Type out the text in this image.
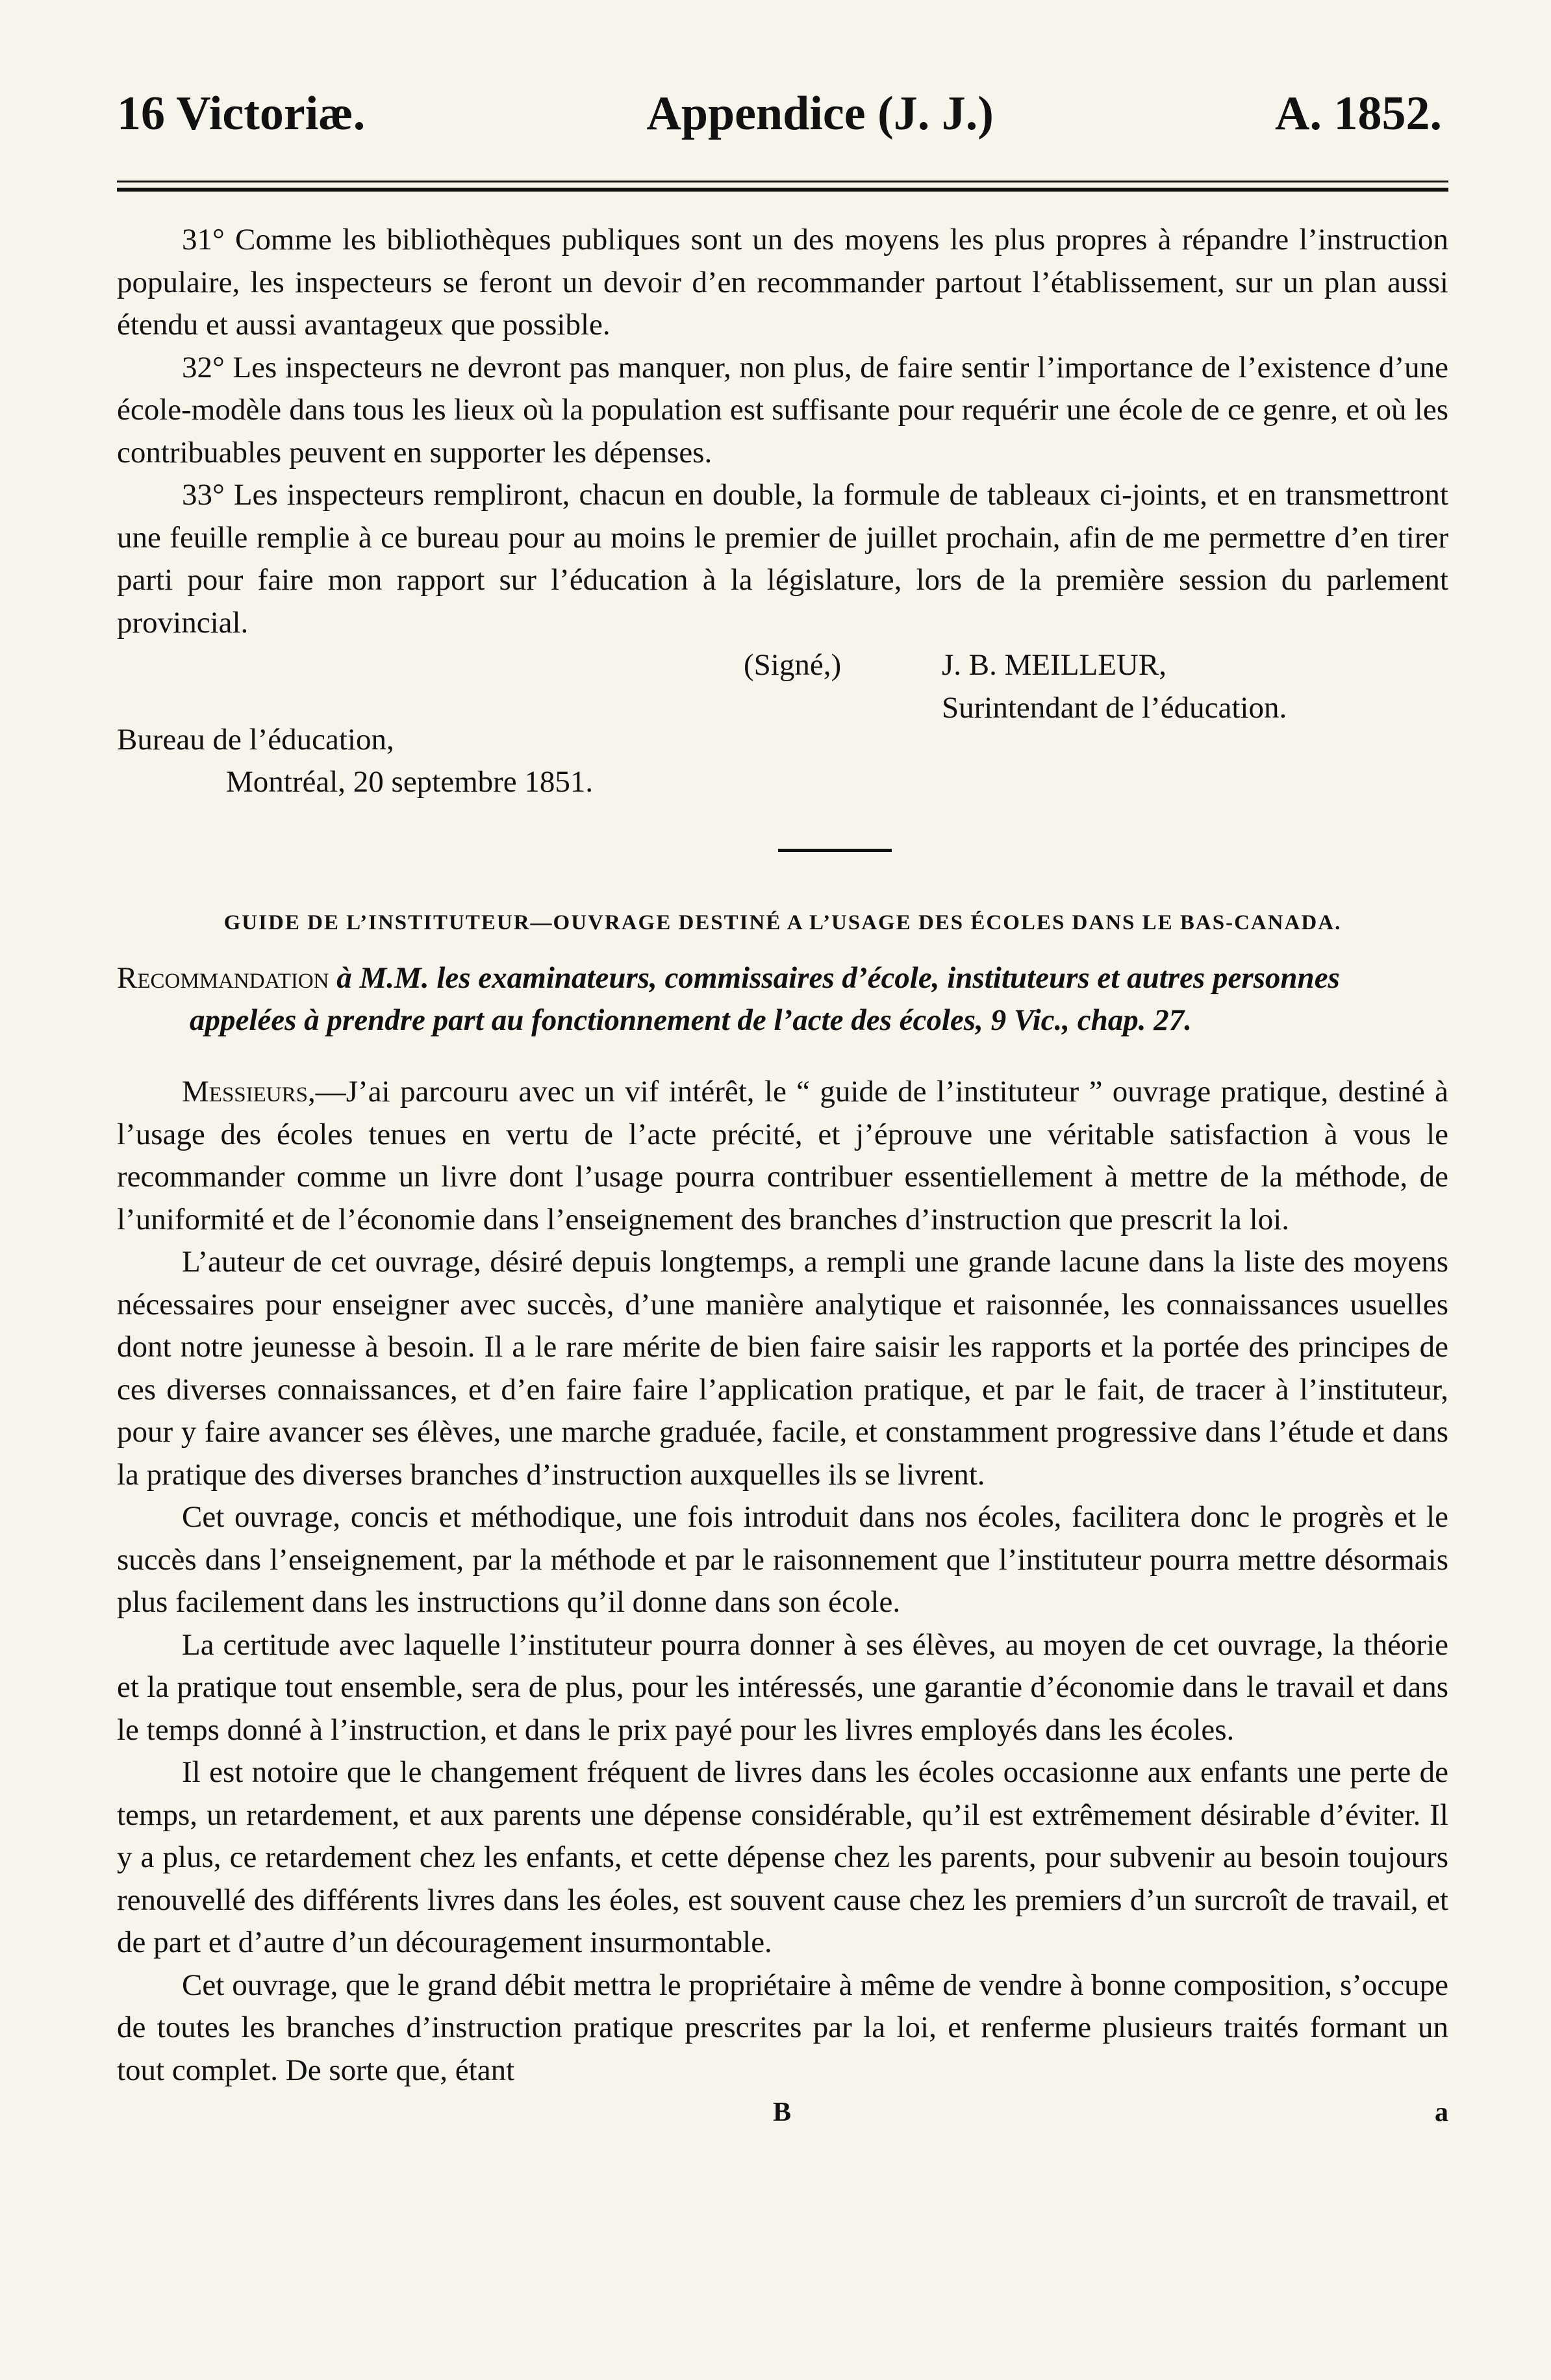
16 Victoriæ.	Appendice (J. J.)	A. 1852.

31° Comme les bibliothèques publiques sont un des moyens les plus propres à répandre l’instruction populaire, les inspecteurs se feront un devoir d’en recommander partout l’établissement, sur un plan aussi étendu et aussi avantageux que possible.

32° Les inspecteurs ne devront pas manquer, non plus, de faire sentir l’importance de l’existence d’une école-modèle dans tous les lieux où la population est suffisante pour requérir une école de ce genre, et où les contribuables peuvent en supporter les dépenses.

33° Les inspecteurs rempliront, chacun en double, la formule de tableaux ci-joints, et en transmettront une feuille remplie à ce bureau pour au moins le premier de juillet prochain, afin de me permettre d’en tirer parti pour faire mon rapport sur l’éducation à la législature, lors de la première session du parlement provincial.

(Signé,)	J. B. MEILLEUR,
Surintendant de l’éducation.
Bureau de l’éducation,
Montréal, 20 septembre 1851.
GUIDE DE L’INSTITUTEUR—OUVRAGE DESTINÉ A L’USAGE DES ÉCOLES DANS LE BAS-CANADA.
Recommandation à M.M. les examinateurs, commissaires d’école, instituteurs et autres personnes appelées à prendre part au fonctionnement de l’acte des écoles, 9 Vic., chap. 27.

Messieurs,—J’ai parcouru avec un vif intérêt, le “ guide de l’instituteur ” ouvrage pratique, destiné à l’usage des écoles tenues en vertu de l’acte précité, et j’éprouve une véritable satisfaction à vous le recommander comme un livre dont l’usage pourra contribuer essentiellement à mettre de la méthode, de l’uniformité et de l’économie dans l’enseignement des branches d’instruction que prescrit la loi.

L’auteur de cet ouvrage, désiré depuis longtemps, a rempli une grande lacune dans la liste des moyens nécessaires pour enseigner avec succès, d’une manière analytique et raisonnée, les connaissances usuelles dont notre jeunesse à besoin. Il a le rare mérite de bien faire saisir les rapports et la portée des principes de ces diverses connaissances, et d’en faire faire l’application pratique, et par le fait, de tracer à l’instituteur, pour y faire avancer ses élèves, une marche graduée, facile, et constamment progressive dans l’étude et dans la pratique des diverses branches d’instruction auxquelles ils se livrent.

Cet ouvrage, concis et méthodique, une fois introduit dans nos écoles, facilitera donc le progrès et le succès dans l’enseignement, par la méthode et par le raisonnement que l’instituteur pourra mettre désormais plus facilement dans les instructions qu’il donne dans son école.

La certitude avec laquelle l’instituteur pourra donner à ses élèves, au moyen de cet ouvrage, la théorie et la pratique tout ensemble, sera de plus, pour les intéressés, une garantie d’économie dans le travail et dans le temps donné à l’instruction, et dans le prix payé pour les livres employés dans les écoles.

Il est notoire que le changement fréquent de livres dans les écoles occasionne aux enfants une perte de temps, un retardement, et aux parents une dépense considérable, qu’il est extrêmement désirable d’éviter. Il y a plus, ce retardement chez les enfants, et cette dépense chez les parents, pour subvenir au besoin toujours renouvellé des différents livres dans les éoles, est souvent cause chez les premiers d’un surcroît de travail, et de part et d’autre d’un découragement insurmontable.

Cet ouvrage, que le grand débit mettra le propriétaire à même de vendre à bonne composition, s’occupe de toutes les branches d’instruction pratique prescrites par la loi, et renferme plusieurs traités formant un tout complet. De sorte que, étant

B	a
